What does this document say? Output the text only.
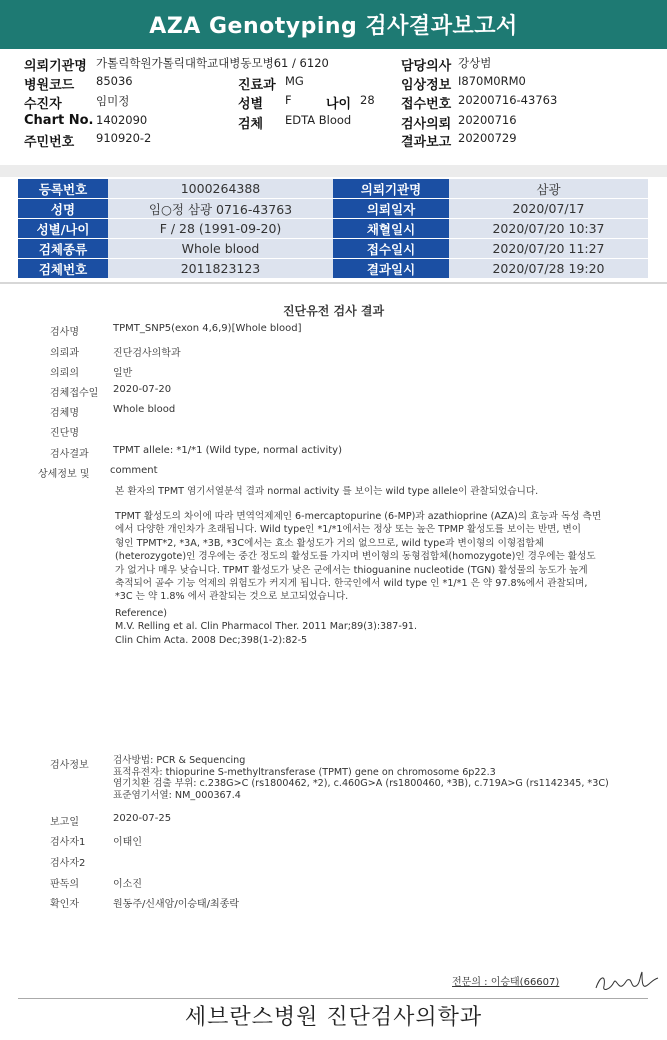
AZA Genotyping 검사결과보고서
의뢰기관명 가톨릭학원가톨릭대학교대병동모병61 / 6120	담당의사 강상범
병원코드 85036	진료과 MG	임상정보 I870M0RM0
수진자	임미정	성별 F	나이 28 접수번호 20200716-43763
Chart No. 1402090	검체 EDTA Blood	검사의뢰 20200716
주민번호 910920-2	결과보고 20200729
등록번호	1000264388	의뢰기관명	삼광
성명	임○정 삼광 0716-43763	의뢰일자	2020/07/17
성별/나이	F / 28 (1991-09-20)	채혈일시	2020/07/20 10:37
검체종류	Whole blood	접수일시	2020/07/20 11:27
검체번호	2011823123	결과일시	2020/07/28 19:20
진단유전 검사 결과
검사명	TPMT_SNP5(exon 4,6,9)[Whole blood]
의뢰과	진단검사의학과
의뢰의	일반
검체접수일 2020-07-20
검체명	Whole blood
진단명
검사결과 TPMT allele: *1/*1 (Wild type, normal activity)
상세정보 및 comment
본 환자의 TPMT 염기서열분석 결과 normal activity 를 보이는 wild type allele이 관찰되었습니다.
TPMT 활성도의 차이에 따라 면역억제제인 6-mercaptopurine (6-MP)과 azathioprine (AZA)의 효능과 독성 측면
에서 다양한 개인차가 초래됩니다. Wild type인 *1/*1에서는 정상 또는 높은 TPMP 활성도를 보이는 반면, 변이
형인 TPMT*2, *3A, *3B, *3C에서는 효소 활성도가 거의 없으므로, wild type과 변이형의 이형접합체
(heterozygote)인 경우에는 중간 정도의 활성도를 가지며 변이형의 동형접합체(homozygote)인 경우에는 활성도
가 없거나 매우 낮습니다. TPMT 활성도가 낮은 군에서는 thioguanine nucleotide (TGN) 활성물의 농도가 높게
축적되어 골수 기능 억제의 위험도가 커지게 됩니다. 한국인에서 wild type 인 *1/*1 은 약 97.8%에서 관찰되며,
*3C 는 약 1.8% 에서 관찰되는 것으로 보고되었습니다.
Reference)
M.V. Relling et al. Clin Pharmacol Ther. 2011 Mar;89(3):387-91.
Clin Chim Acta. 2008 Dec;398(1-2):82-5
검사정보	검사방법: PCR & Sequencing
표적유전자: thiopurine S-methyltransferase (TPMT) gene on chromosome 6p22.3
염기치환 검출 부위: c.238G>C (rs1800462, *2), c.460G>A (rs1800460, *3B), c.719A>G (rs1142345, *3C)
표준염기서열: NM_000367.4
보고일	2020-07-25
검사자1	이태인
검사자2
판독의	이소진
확인자	원동주/신새암/이승태/최종락
전문의 : 이승태(66607)
세브란스병원 진단검사의학과
